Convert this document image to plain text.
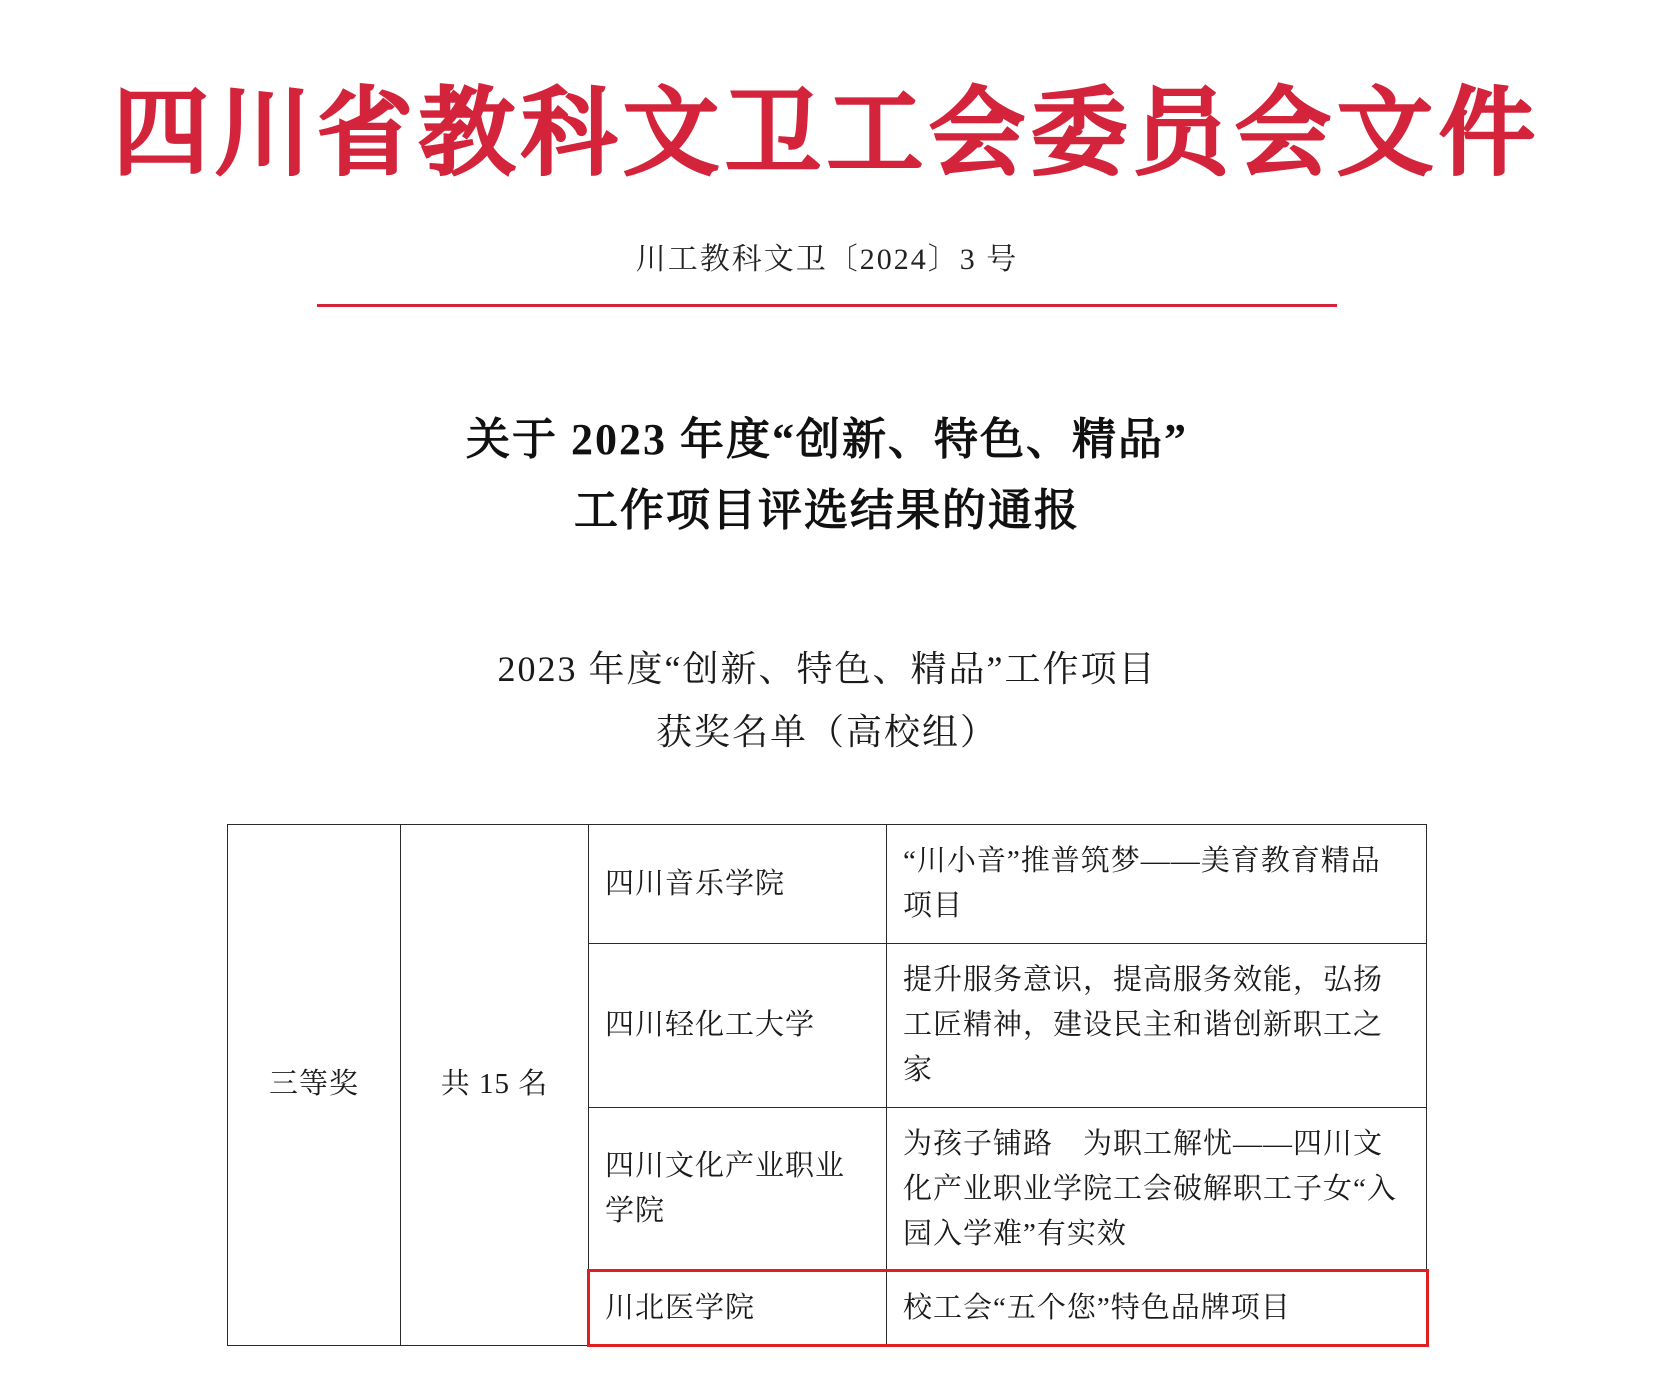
四川省教科文卫工会委员会文件
川工教科文卫〔2024〕3 号
关于 2023 年度“创新、特色、精品”
工作项目评选结果的通报
2023 年度“创新、特色、精品”工作项目
获奖名单（高校组）
三等奖	共 15 名	四川音乐学院	“川小音”推普筑梦——美育教育精品项目
		四川轻化工大学	提升服务意识，提高服务效能，弘扬工匠精神，建设民主和谐创新职工之家
		四川文化产业职业学院	为孩子铺路　为职工解忧——四川文化产业职业学院工会破解职工子女“入园入学难”有实效
		川北医学院	校工会“五个您”特色品牌项目
